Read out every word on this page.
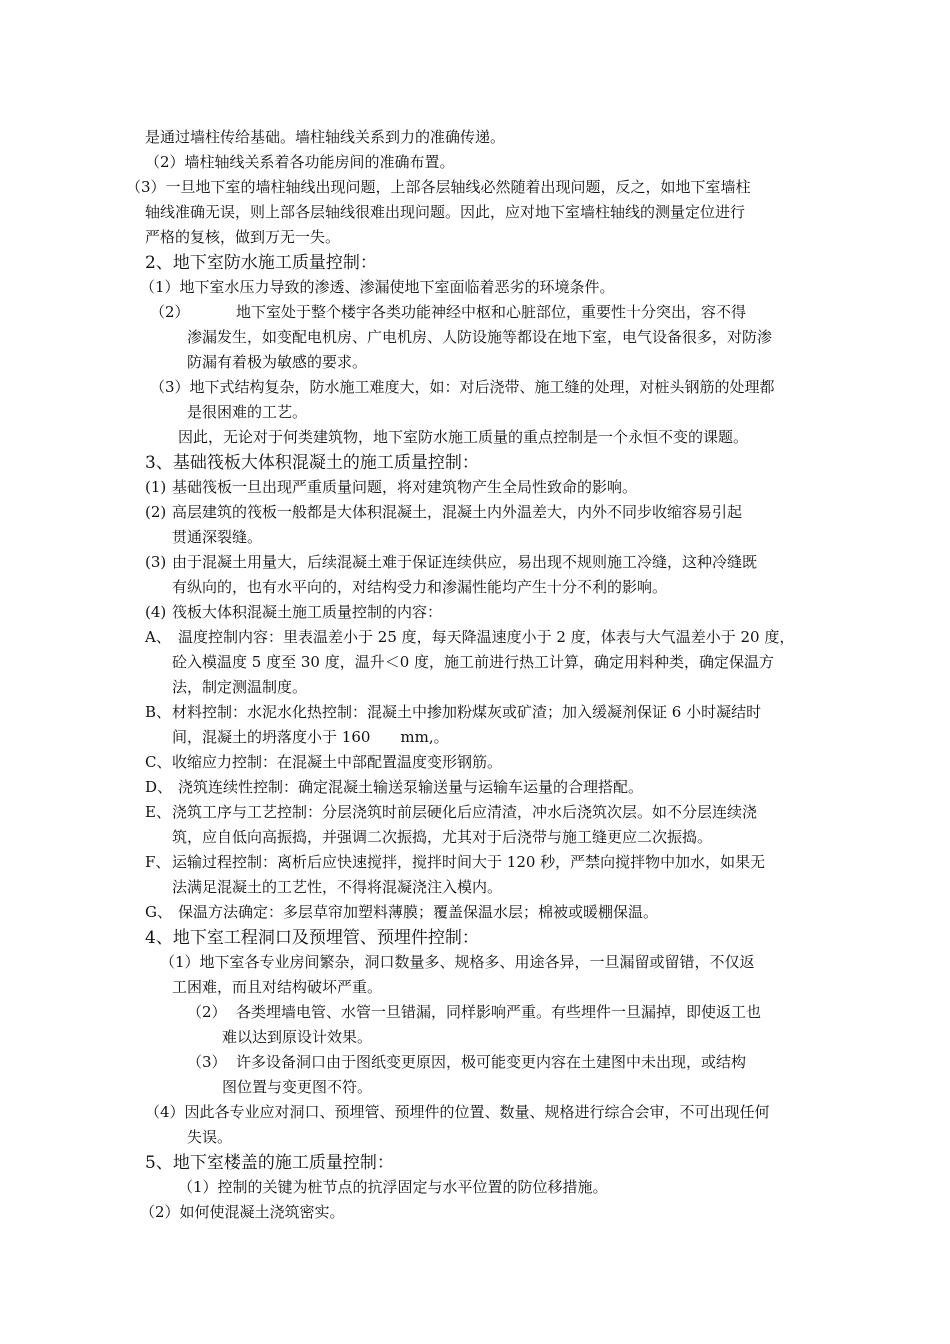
是通过墙柱传给基础。墙柱轴线关系到力的准确传递。
（2）墙柱轴线关系着各功能房间的准确布置。
（3）一旦地下室的墙柱轴线出现问题，上部各层轴线必然随着出现问题，反之，如地下室墙柱
轴线准确无误，则上部各层轴线很难出现问题。因此，应对地下室墙柱轴线的测量定位进行
严格的复核，做到万无一失。
2、地下室防水施工质量控制：
（1）地下室水压力导致的渗透、渗漏使地下室面临着恶劣的环境条件。
（2）	地下室处于整个楼宇各类功能神经中枢和心脏部位，重要性十分突出，容不得
渗漏发生，如变配电机房、广电机房、人防设施等都设在地下室，电气设备很多，对防渗
防漏有着极为敏感的要求。
（3）地下式结构复杂，防水施工难度大，如：对后浇带、施工缝的处理，对桩头钢筋的处理都
是很困难的工艺。
因此，无论对于何类建筑物，地下室防水施工质量的重点控制是一个永恒不变的课题。
3、基础筏板大体积混凝土的施工质量控制：
(1) 基础筏板一旦出现严重质量问题，将对建筑物产生全局性致命的影响。
(2) 高层建筑的筏板一般都是大体积混凝土，混凝土内外温差大，内外不同步收缩容易引起
贯通深裂缝。
(3) 由于混凝土用量大，后续混凝土难于保证连续供应，易出现不规则施工冷缝，这种冷缝既
有纵向的，也有水平向的，对结构受力和渗漏性能均产生十分不利的影响。
(4) 筏板大体积混凝土施工质量控制的内容：
A、 温度控制内容：里表温差小于 25 度，每天降温速度小于 2 度，体表与大气温差小于 20 度，
砼入模温度 5 度至 30 度，温升＜0 度，施工前进行热工计算，确定用料种类，确定保温方
法，制定测温制度。
B、 材料控制：水泥水化热控制：混凝土中掺加粉煤灰或矿渣；加入缓凝剂保证 6 小时凝结时
间，混凝土的坍落度小于 160　　mm,。
C、 收缩应力控制：在混凝土中部配置温度变形钢筋。
D、 浇筑连续性控制：确定混凝土输送泵输送量与运输车运量的合理搭配。
E、 浇筑工序与工艺控制：分层浇筑时前层硬化后应清渣，冲水后浇筑次层。如不分层连续浇
筑，应自低向高振捣，并强调二次振捣，尤其对于后浇带与施工缝更应二次振捣。
F、 运输过程控制：离析后应快速搅拌，搅拌时间大于 120 秒，严禁向搅拌物中加水，如果无
法满足混凝土的工艺性，不得将混凝浇注入模内。
G、 保温方法确定：多层草帘加塑料薄膜；覆盖保温水层；棉被或暖棚保温。
4、地下室工程洞口及预埋管、预埋件控制：
（1）地下室各专业房间繁杂，洞口数量多、规格多、用途各异，一旦漏留或留错，不仅返
工困难，而且对结构破坏严重。
（2） 各类埋墙电管、水管一旦错漏，同样影响严重。有些埋件一旦漏掉，即使返工也
难以达到原设计效果。
（3） 许多设备洞口由于图纸变更原因，极可能变更内容在土建图中未出现，或结构
图位置与变更图不符。
（4）因此各专业应对洞口、预埋管、预埋件的位置、数量、规格进行综合会审，不可出现任何
失误。
5、地下室楼盖的施工质量控制：
（1）控制的关键为桩节点的抗浮固定与水平位置的防位移措施。
（2）如何使混凝土浇筑密实。
